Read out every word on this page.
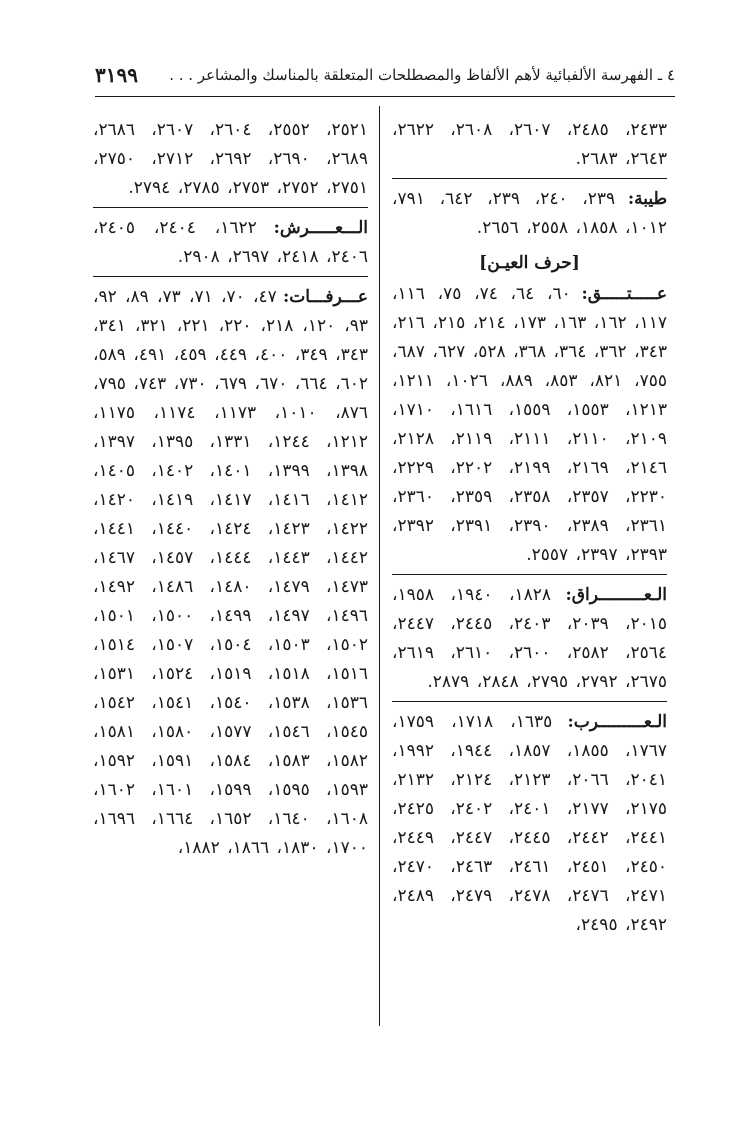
٤ ـ الفهرسة الألفبائية لأهم الألفاظ والمصطلحات المتعلقة بالمناسك والمشاعر . . .
٣١٩٩

٢٤٣٣، ٢٤٨٥، ٢٦٠٧، ٢٦٠٨، ٢٦٢٢، ٢٦٤٣، ٢٦٨٣.

طيبة: ٢٣٩، ٢٤٠، ٢٣٩، ٦٤٢، ٧٩١، ١٠١٢، ١٨٥٨، ٢٥٥٨، ٢٦٥٦.

[حرف العيـن]

عـــــتـــــق: ٦٠، ٦٤، ٧٤، ٧٥، ١١٦، ١١٧، ١٦٢، ١٦٣، ١٧٣، ٢١٤، ٢١٥، ٢١٦، ٣٤٣، ٣٦٢، ٣٦٤، ٣٦٨، ٥٢٨، ٦٢٧، ٦٨٧، ٧٥٥، ٨٢١، ٨٥٣، ٨٨٩، ١٠٢٦، ١٢١١، ١٢١٣، ١٥٥٣، ١٥٥٩، ١٦١٦، ١٧١٠، ٢١٠٩، ٢١١٠، ٢١١١، ٢١١٩، ٢١٢٨، ٢١٤٦، ٢١٦٩، ٢١٩٩، ٢٢٠٢، ٢٢٢٩، ٢٢٣٠، ٢٣٥٧، ٢٣٥٨، ٢٣٥٩، ٢٣٦٠، ٢٣٦١، ٢٣٨٩، ٢٣٩٠، ٢٣٩١، ٢٣٩٢، ٢٣٩٣، ٢٣٩٧، ٢٥٥٧.

الـعـــــــــراق: ١٨٢٨، ١٩٤٠، ١٩٥٨، ٢٠١٥، ٢٠٣٩، ٢٤٠٣، ٢٤٤٥، ٢٤٤٧، ٢٥٦٤، ٢٥٨٢، ٢٦٠٠، ٢٦١٠، ٢٦١٩، ٢٦٧٥، ٢٧٩٢، ٢٧٩٥، ٢٨٤٨، ٢٨٧٩.

الـعـــــــــرب: ١٦٣٥، ١٧١٨، ١٧٥٩، ١٧٦٧، ١٨٥٥، ١٨٥٧، ١٩٤٤، ١٩٩٢، ٢٠٤١، ٢٠٦٦، ٢١٢٣، ٢١٢٤، ٢١٣٢، ٢١٧٥، ٢١٧٧، ٢٤٠١، ٢٤٠٢، ٢٤٢٥، ٢٤٤١، ٢٤٤٢، ٢٤٤٥، ٢٤٤٧، ٢٤٤٩، ٢٤٥٠، ٢٤٥١، ٢٤٦١، ٢٤٦٣، ٢٤٧٠، ٢٤٧١، ٢٤٧٦، ٢٤٧٨، ٢٤٧٩، ٢٤٨٩، ٢٤٩٢، ٢٤٩٥،

٢٥٢١، ٢٥٥٢، ٢٦٠٤، ٢٦٠٧، ٢٦٨٦، ٢٦٨٩، ٢٦٩٠، ٢٦٩٢، ٢٧١٢، ٢٧٥٠، ٢٧٥١، ٢٧٥٢، ٢٧٥٣، ٢٧٨٥، ٢٧٩٤.

الـــعـــــرش: ١٦٢٢، ٢٤٠٤، ٢٤٠٥، ٢٤٠٦، ٢٤١٨، ٢٦٩٧، ٢٩٠٨.

عـــرفـــات: ٤٧، ٧٠، ٧١، ٧٣، ٨٩، ٩٢، ٩٣، ١٢٠، ٢١٨، ٢٢٠، ٢٢١، ٣٢١، ٣٤١، ٣٤٣، ٣٤٩، ٤٠٠، ٤٤٩، ٤٥٩، ٤٩١، ٥٨٩، ٦٠٢، ٦٦٤، ٦٧٠، ٦٧٩، ٧٣٠، ٧٤٣، ٧٩٥، ٨٧٦، ١٠١٠، ١١٧٣، ١١٧٤، ١١٧٥، ١٢١٢، ١٢٤٤، ١٣٣١، ١٣٩٥، ١٣٩٧، ١٣٩٨، ١٣٩٩، ١٤٠١، ١٤٠٢، ١٤٠٥، ١٤١٢، ١٤١٦، ١٤١٧، ١٤١٩، ١٤٢٠، ١٤٢٢، ١٤٢٣، ١٤٢٤، ١٤٤٠، ١٤٤١، ١٤٤٢، ١٤٤٣، ١٤٤٤، ١٤٥٧، ١٤٦٧، ١٤٧٣، ١٤٧٩، ١٤٨٠، ١٤٨٦، ١٤٩٢، ١٤٩٦، ١٤٩٧، ١٤٩٩، ١٥٠٠، ١٥٠١، ١٥٠٢، ١٥٠٣، ١٥٠٤، ١٥٠٧، ١٥١٤، ١٥١٦، ١٥١٨، ١٥١٩، ١٥٢٤، ١٥٣١، ١٥٣٦، ١٥٣٨، ١٥٤٠، ١٥٤١، ١٥٤٢، ١٥٤٥، ١٥٤٦، ١٥٧٧، ١٥٨٠، ١٥٨١، ١٥٨٢، ١٥٨٣، ١٥٨٤، ١٥٩١، ١٥٩٢، ١٥٩٣، ١٥٩٥، ١٥٩٩، ١٦٠١، ١٦٠٢، ١٦٠٨، ١٦٤٠، ١٦٥٢، ١٦٦٤، ١٦٩٦، ١٧٠٠، ١٨٣٠، ١٨٦٦، ١٨٨٢،
